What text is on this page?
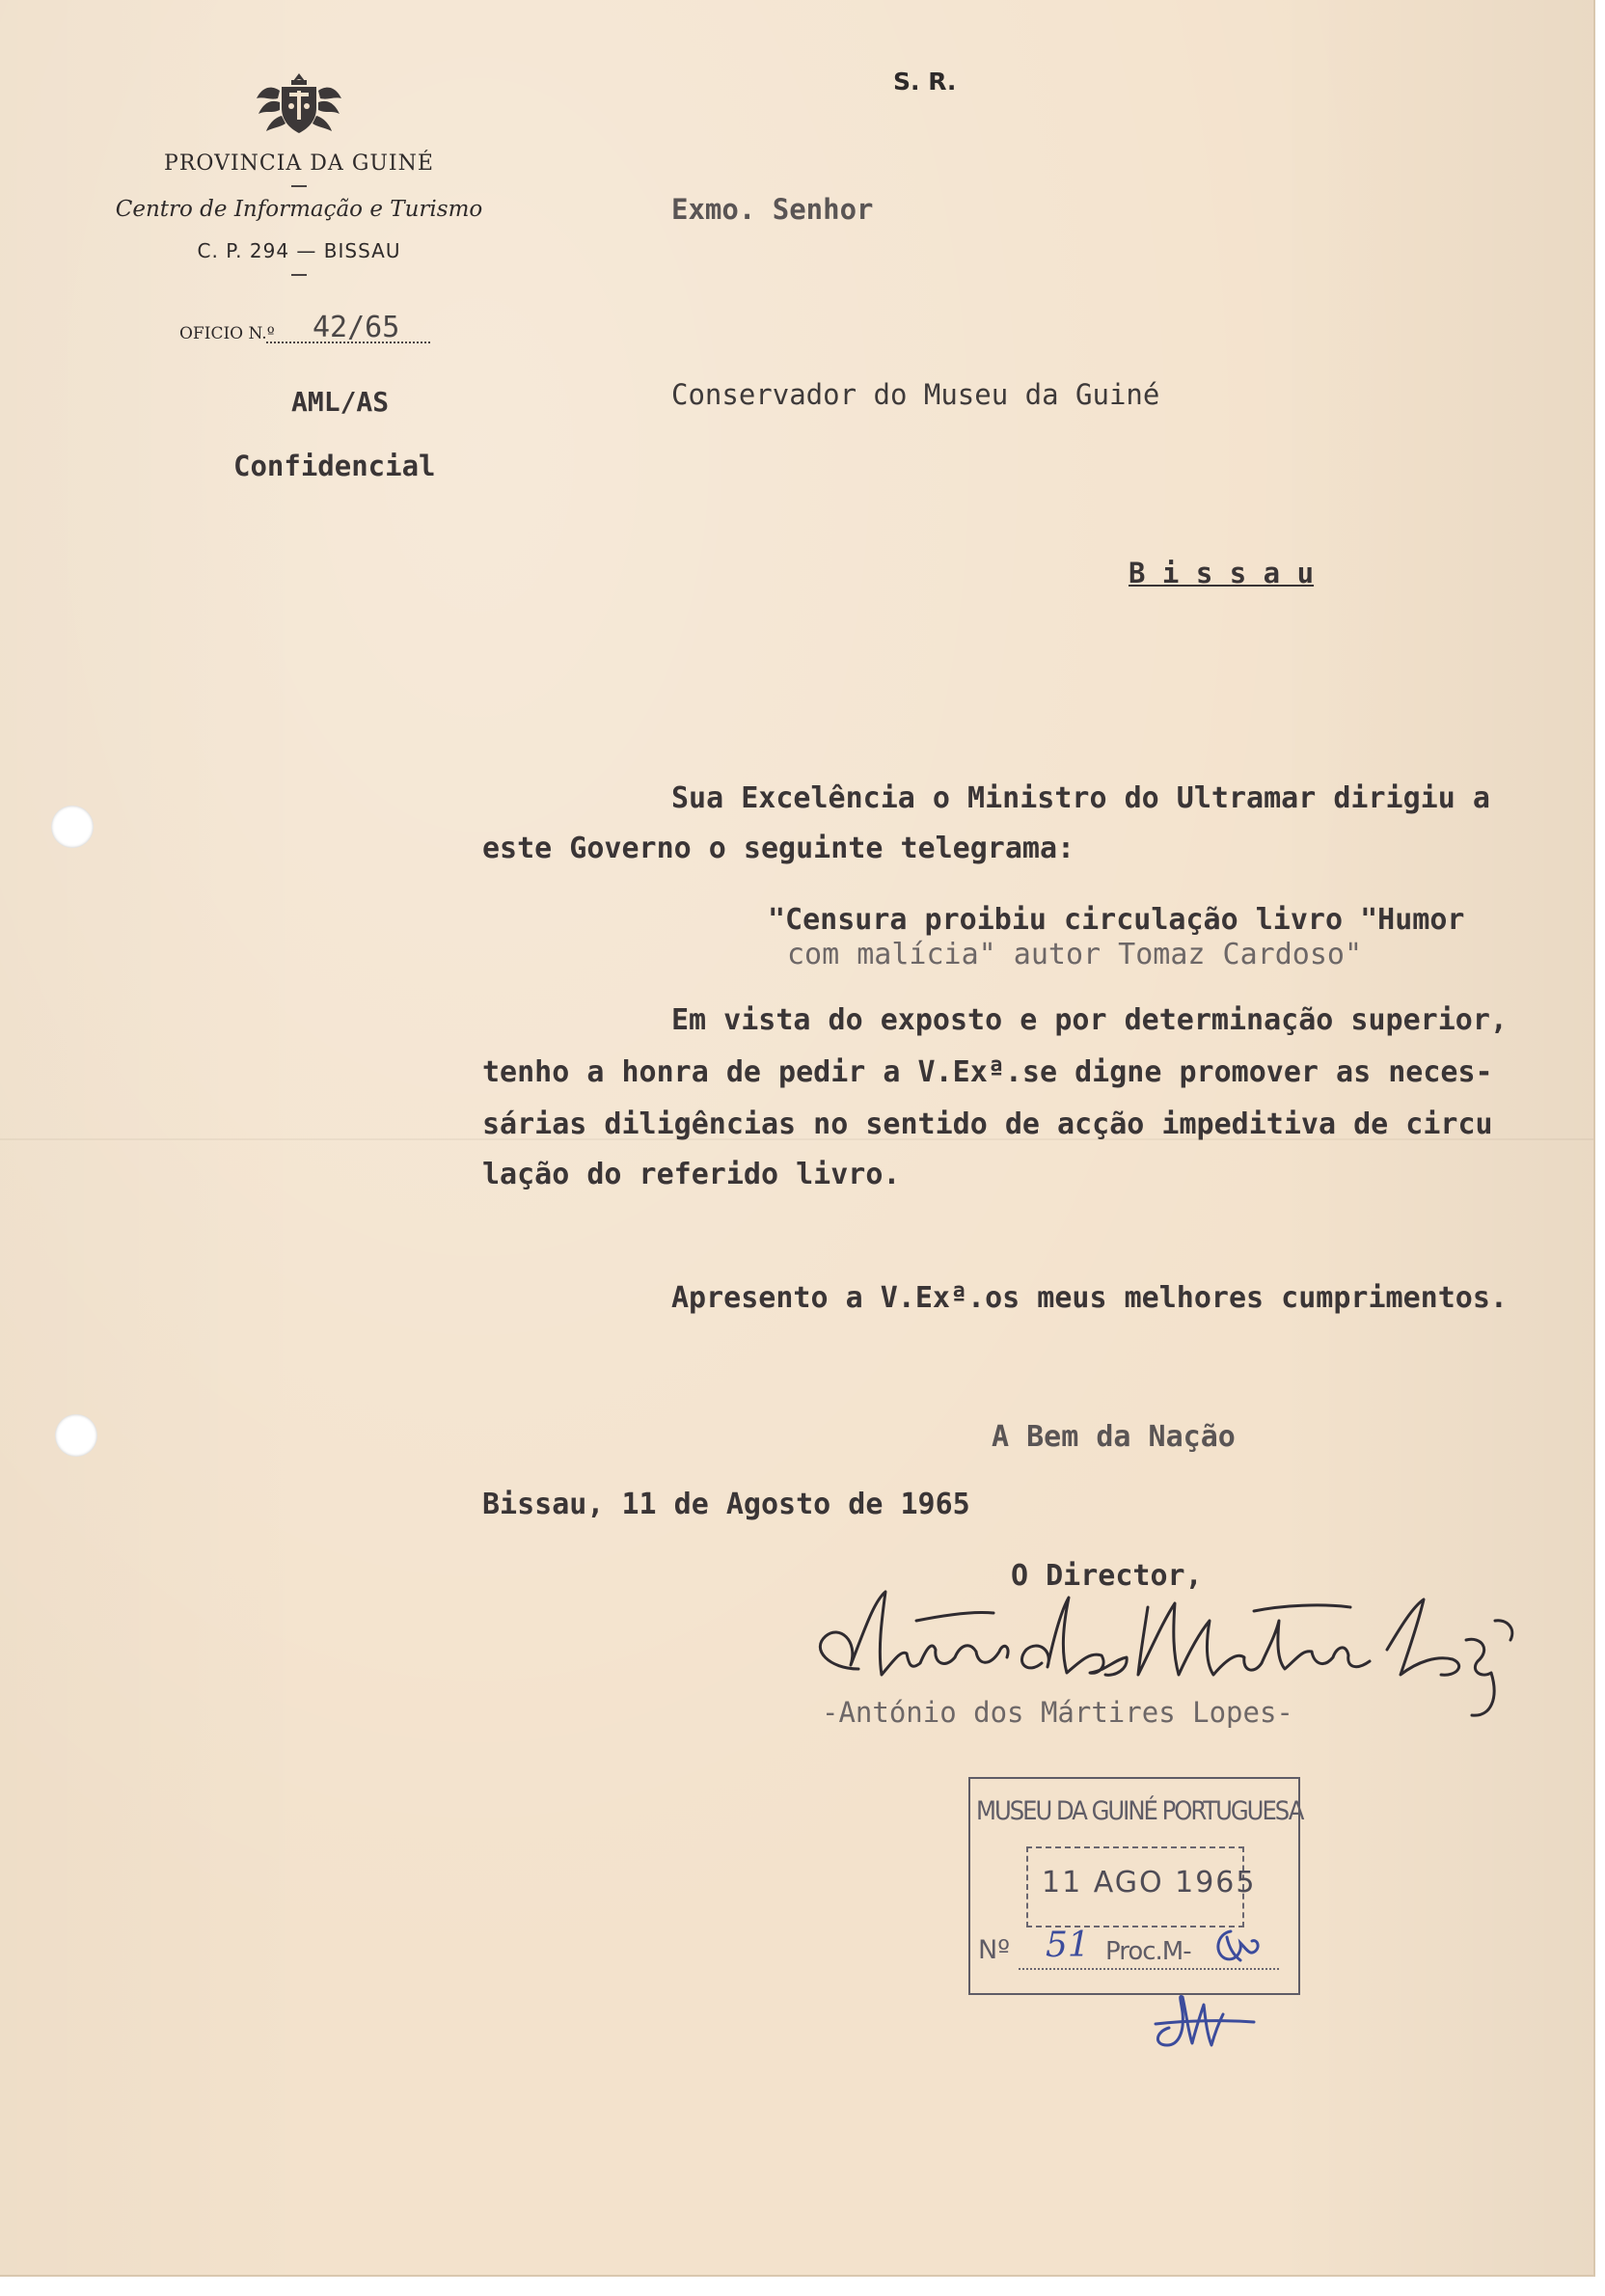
PROVINCIA DA GUINÉ
Centro de Informação e Turismo
C. P. 294 — BISSAU
OFICIO N.º 42/65
AML/AS
Confidencial
S. R.
Exmo. Senhor
Conservador do Museu da Guiné
B i s s a u
Sua Excelência o Ministro do Ultramar dirigiu a
este Governo o seguinte telegrama:
"Censura proibiu circulação livro "Humor
com malícia" autor Tomaz Cardoso"
Em vista do exposto e por determinação superior,
tenho a honra de pedir a V.Exª.se digne promover as neces-
sárias diligências no sentido de acção impeditiva de circu
lação do referido livro.
Apresento a V.Exª.os meus melhores cumprimentos.
A Bem da Nação
Bissau, 11 de Agosto de 1965
O Director,
-António dos Mártires Lopes-
MUSEU DA GUINÉ PORTUGUESA
11 AGO 1965
Nº 51 Proc.M-
